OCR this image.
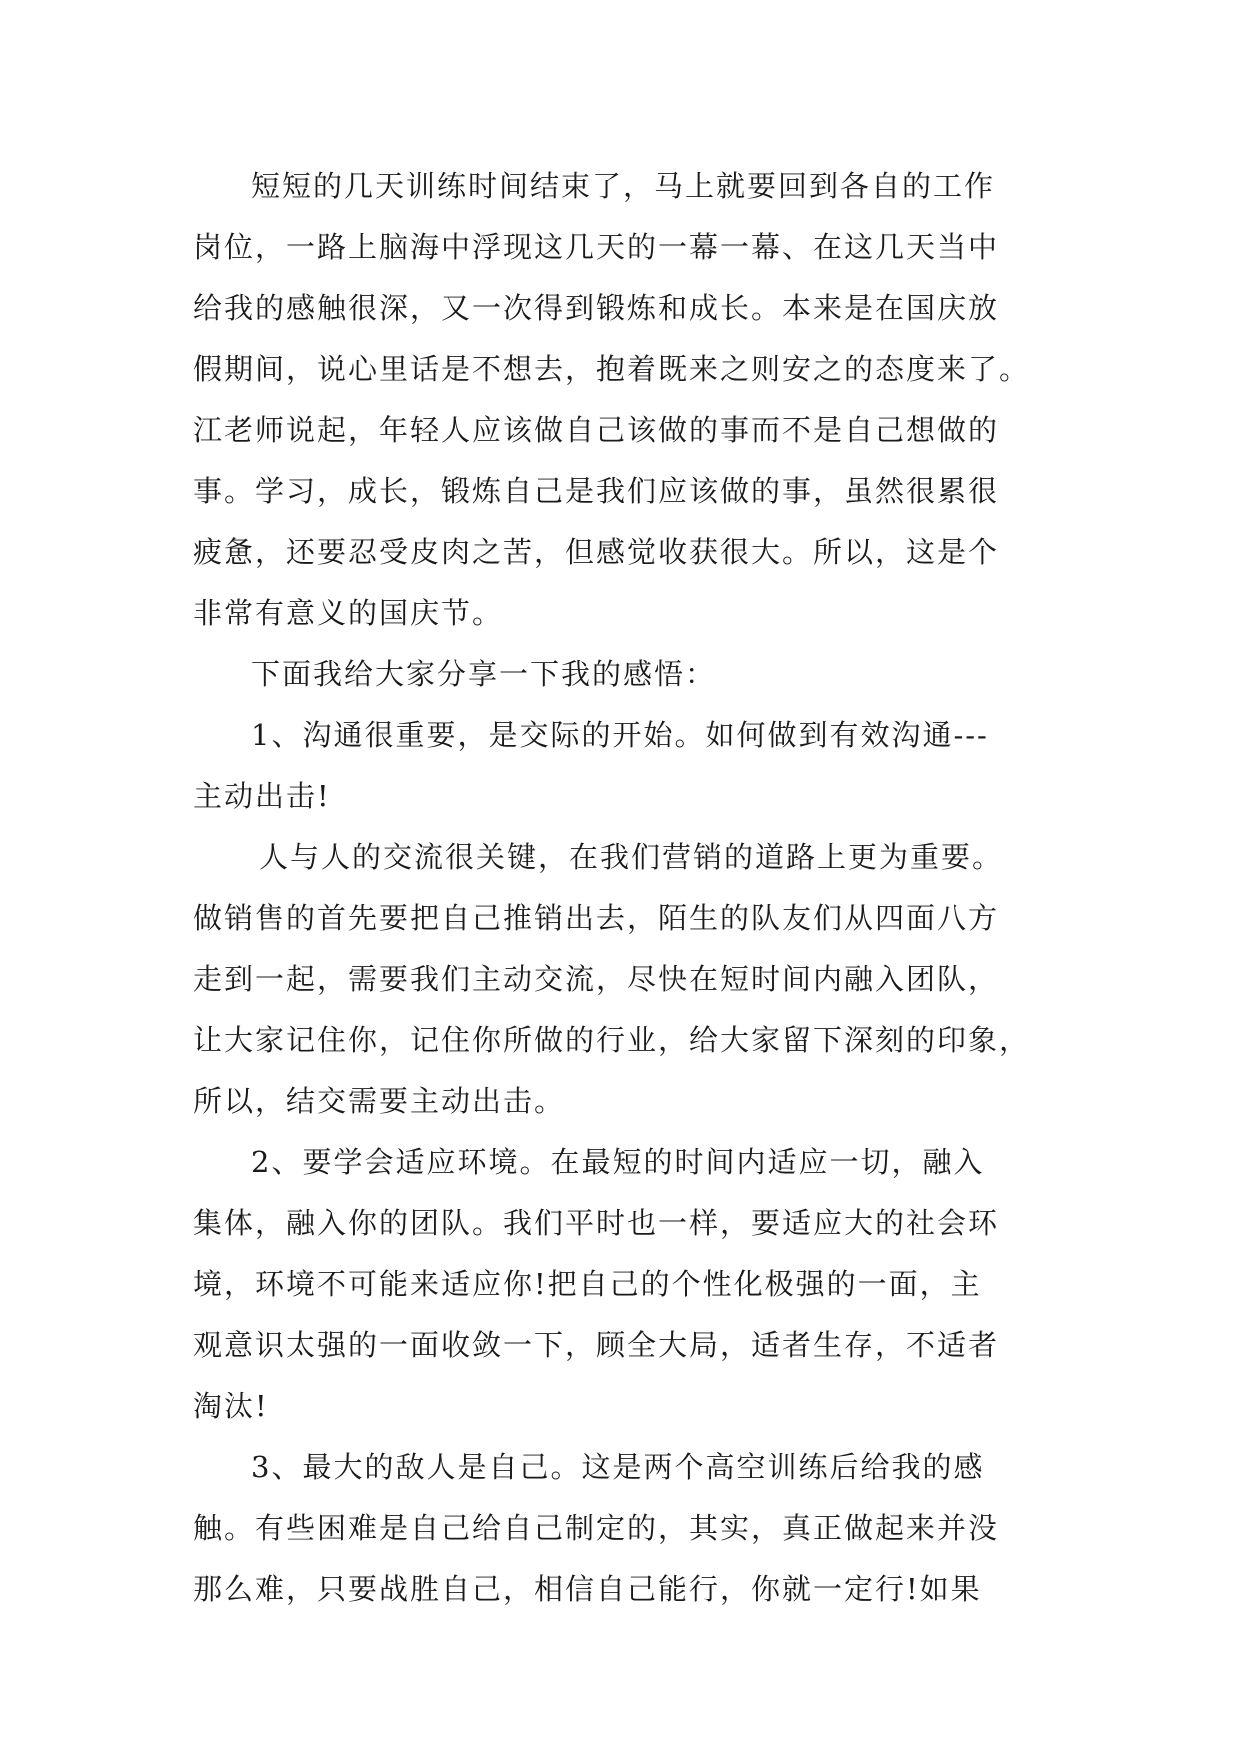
短短的几天训练时间结束了，马上就要回到各自的工作
岗位，一路上脑海中浮现这几天的一幕一幕、在这几天当中
给我的感触很深，又一次得到锻炼和成长。本来是在国庆放
假期间，说心里话是不想去，抱着既来之则安之的态度来了。
江老师说起，年轻人应该做自己该做的事而不是自己想做的
事。学习，成长，锻炼自己是我们应该做的事，虽然很累很
疲惫，还要忍受皮肉之苦，但感觉收获很大。所以，这是个
非常有意义的国庆节。
下面我给大家分享一下我的感悟：
1、沟通很重要，是交际的开始。如何做到有效沟通---
主动出击!
人与人的交流很关键，在我们营销的道路上更为重要。
做销售的首先要把自己推销出去，陌生的队友们从四面八方
走到一起，需要我们主动交流，尽快在短时间内融入团队，
让大家记住你，记住你所做的行业，给大家留下深刻的印象，
所以，结交需要主动出击。
2、要学会适应环境。在最短的时间内适应一切，融入
集体，融入你的团队。我们平时也一样，要适应大的社会环
境，环境不可能来适应你!把自己的个性化极强的一面，主
观意识太强的一面收敛一下，顾全大局，适者生存，不适者
淘汰!
3、最大的敌人是自己。这是两个高空训练后给我的感
触。有些困难是自己给自己制定的，其实，真正做起来并没
那么难，只要战胜自己，相信自己能行，你就一定行!如果
